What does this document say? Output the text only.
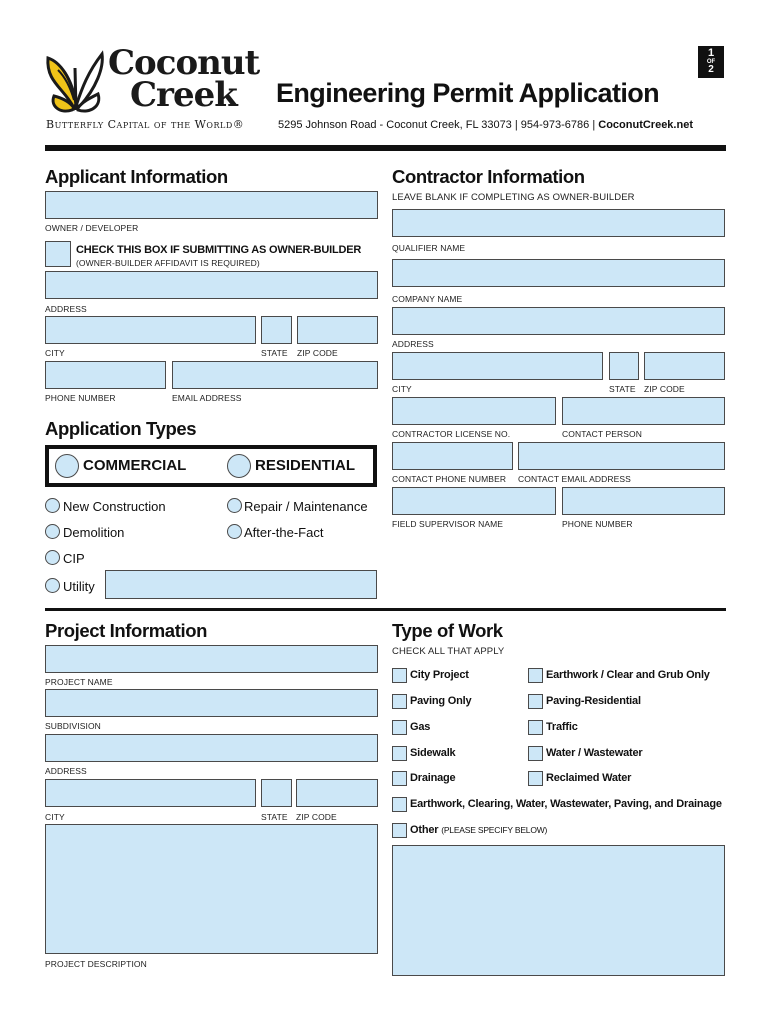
Coconut
Creek
Butterfly Capital of the World®
1
OF
2
Engineering Permit Application
5295 Johnson Road - Coconut Creek, FL 33073 | 954-973-6786 | CoconutCreek.net
Applicant Information
OWNER / DEVELOPER
CHECK THIS BOX IF SUBMITTING AS OWNER-BUILDER
(OWNER-BUILDER AFFIDAVIT IS REQUIRED)
ADDRESS
CITY	STATE ZIP CODE
PHONE NUMBER	EMAIL ADDRESS
Application Types
COMMERCIAL	RESIDENTIAL
New Construction	Repair / Maintenance
Demolition	After-the-Fact
CIP
Utility
Contractor Information
LEAVE BLANK IF COMPLETING AS OWNER-BUILDER
QUALIFIER NAME
COMPANY NAME
ADDRESS
CITY	STATE ZIP CODE
CONTRACTOR LICENSE NO.	CONTACT PERSON
CONTACT PHONE NUMBER CONTACT EMAIL ADDRESS
FIELD SUPERVISOR NAME	PHONE NUMBER
Project Information
PROJECT NAME
SUBDIVISION
ADDRESS
CITY	STATE ZIP CODE
PROJECT DESCRIPTION
Type of Work
CHECK ALL THAT APPLY
City Project	Earthwork / Clear and Grub Only
Paving Only	Paving-Residential
Gas	Traffic
Sidewalk	Water / Wastewater
Drainage	Reclaimed Water
Earthwork, Clearing, Water, Wastewater, Paving, and Drainage
Other (PLEASE SPECIFY BELOW)
